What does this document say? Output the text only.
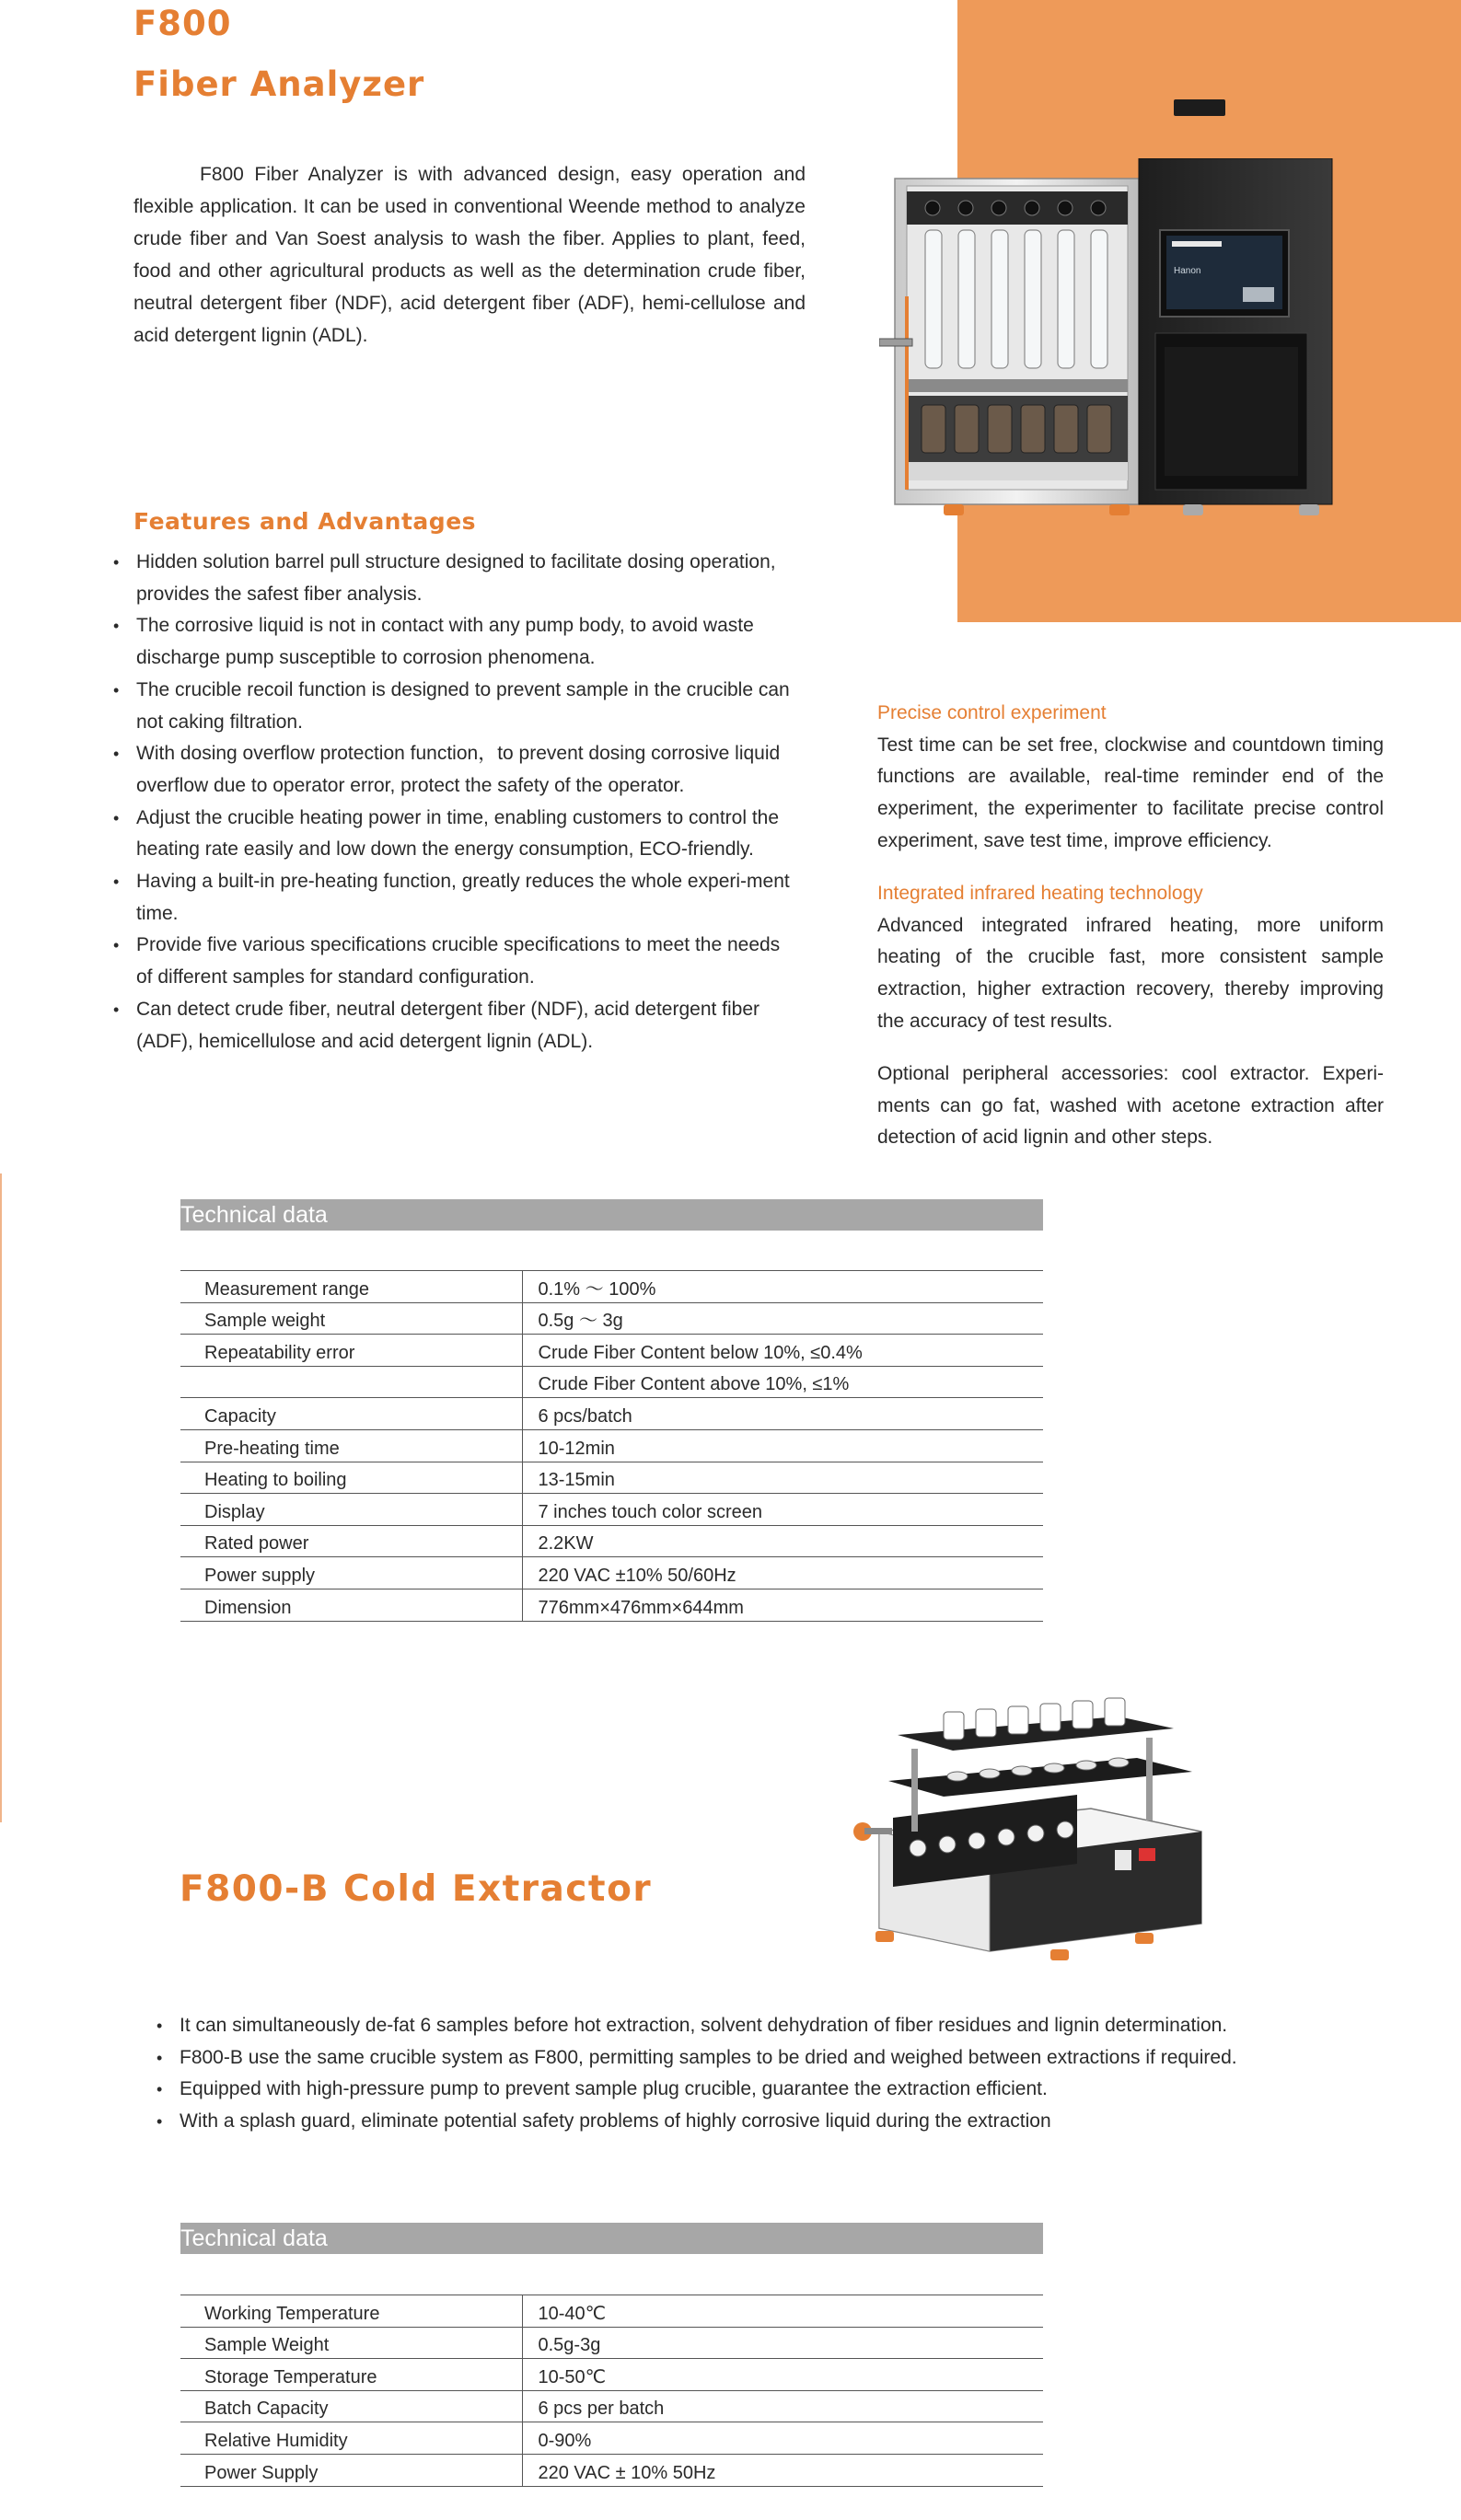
F800
Fiber Analyzer

F800 Fiber Analyzer is with advanced design, easy operation and flexible application. It can be used in conventional Weende method to analyze crude fiber and Van Soest analysis to wash the fiber. Applies to plant, feed, food and other agricultural products as well as the determination crude fiber, neutral detergent fiber (NDF), acid detergent fiber (ADF), hemi-cellulose and acid detergent lignin (ADL).

Hanon
Features and Advantages
• Hidden solution barrel pull structure designed to facilitate dosing operation, provides the safest fiber analysis.
• The corrosive liquid is not in contact with any pump body, to avoid waste discharge pump susceptible to corrosion phenomena.
• The crucible recoil function is designed to prevent sample in the crucible can not caking filtration.
• With dosing overflow protection function，to prevent dosing corrosive liquid overflow due to operator error, protect the safety of the operator.
• Adjust the crucible heating power in time, enabling customers to control the heating rate easily and low down the energy consumption, ECO-friendly.
• Having a built-in pre-heating function, greatly reduces the whole experi-ment time.
• Provide five various specifications crucible specifications to meet the needs of different samples for standard configuration.
• Can detect crude fiber, neutral detergent fiber (NDF), acid detergent fiber (ADF), hemicellulose and acid detergent lignin (ADL).
Precise control experiment

Test time can be set free, clockwise and countdown timing functions are available, real-time reminder end of the experiment, the experimenter to facilitate precise control experiment, save test time, improve efficiency.

Integrated infrared heating technology

Advanced integrated infrared heating, more uniform heating of the crucible fast, more consistent sample extraction, higher extraction recovery, thereby improving the accuracy of test results.

Optional peripheral accessories: cool extractor. Experi-ments can go fat, washed with acetone extraction after detection of acid lignin and other steps.

Technical data
Measurement range	0.1% ～ 100%
Sample weight	0.5g ～ 3g
Repeatability error	Crude Fiber Content below 10%, ≤0.4%
	Crude Fiber Content above 10%, ≤1%
Capacity	6 pcs/batch
Pre-heating time	10-12min
Heating to boiling	13-15min
Display	7 inches touch color screen
Rated power	2.2KW
Power supply	220 VAC ±10% 50/60Hz
Dimension	776mm×476mm×644mm
F800-B Cold Extractor
• It can simultaneously de-fat 6 samples before hot extraction, solvent dehydration of fiber residues and lignin determination.
• F800-B use the same crucible system as F800, permitting samples to be dried and weighed between extractions if required.
• Equipped with high-pressure pump to prevent sample plug crucible, guarantee the extraction efficient.
• With a splash guard, eliminate potential safety problems of highly corrosive liquid during the extraction
Technical data
Working Temperature	10-40℃
Sample Weight	0.5g-3g
Storage Temperature	10-50℃
Batch Capacity	6 pcs per batch
Relative Humidity	0-90%
Power Supply	220 VAC ± 10% 50Hz
